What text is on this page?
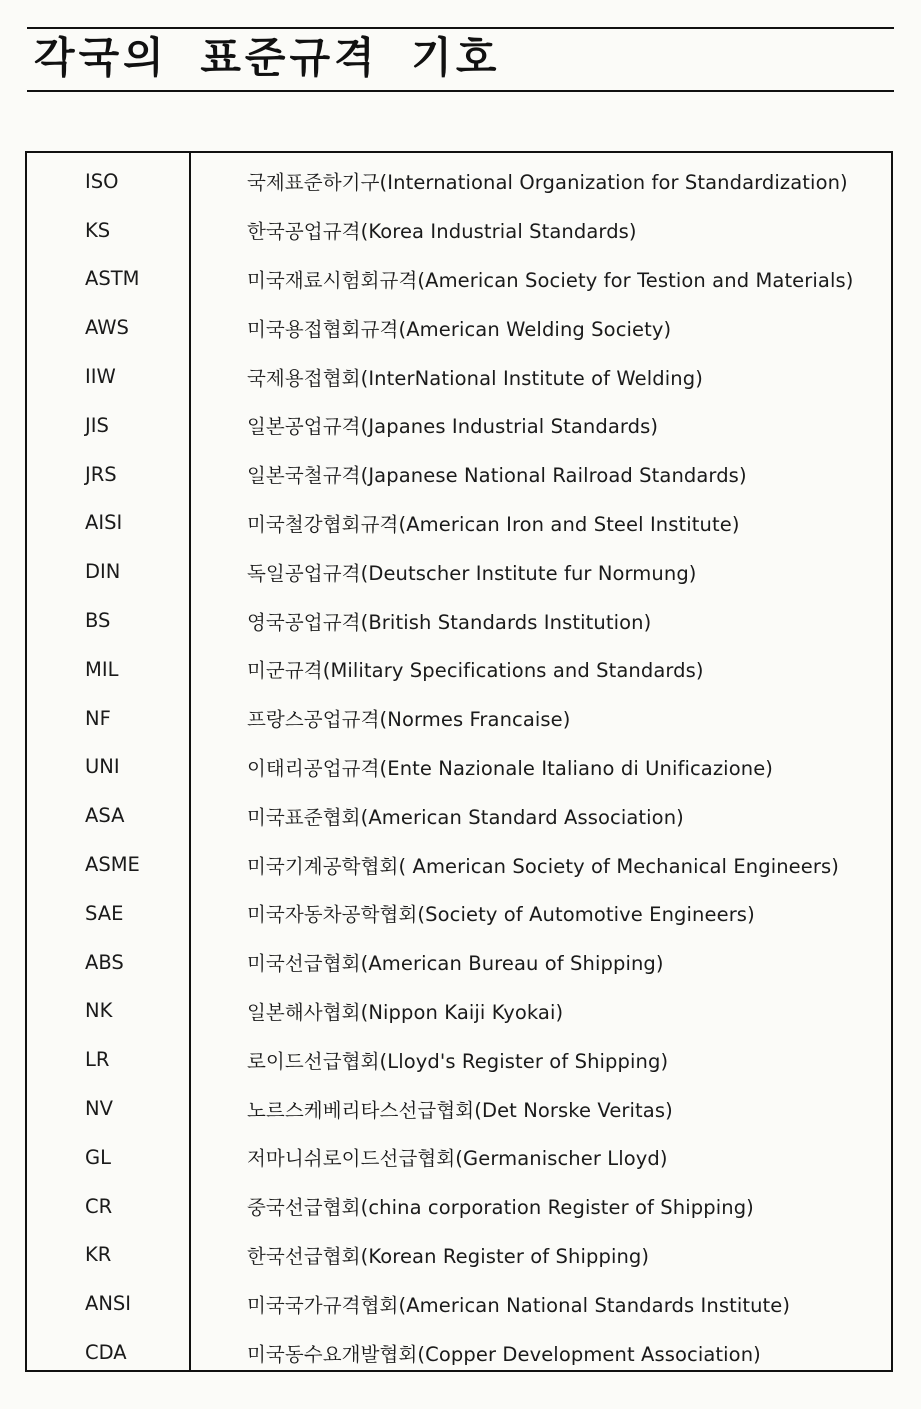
각국의 표준규격 기호
ISO	국제표준하기구(International Organization for Standardization)
KS	한국공업규격(Korea Industrial Standards)
ASTM	미국재료시험회규격(American Society for Testion and Materials)
AWS	미국용접협회규격(American Welding Society)
IIW	국제용접협회(InterNational Institute of Welding)
JIS	일본공업규격(Japanes Industrial Standards)
JRS	일본국철규격(Japanese National Railroad Standards)
AISI	미국철강협회규격(American Iron and Steel Institute)
DIN	독일공업규격(Deutscher Institute fur Normung)
BS	영국공업규격(British Standards Institution)
MIL	미군규격(Military Specifications and Standards)
NF	프랑스공업규격(Normes Francaise)
UNI	이태리공업규격(Ente Nazionale Italiano di Unificazione)
ASA	미국표준협회(American Standard Association)
ASME	미국기계공학협회( American Society of Mechanical Engineers)
SAE	미국자동차공학협회(Society of Automotive Engineers)
ABS	미국선급협회(American Bureau of Shipping)
NK	일본해사협회(Nippon Kaiji Kyokai)
LR	로이드선급협회(Lloyd's Register of Shipping)
NV	노르스케베리타스선급협회(Det Norske Veritas)
GL	저마니쉬로이드선급협회(Germanischer Lloyd)
CR	중국선급협회(china corporation Register of Shipping)
KR	한국선급협회(Korean Register of Shipping)
ANSI	미국국가규격협회(American National Standards Institute)
CDA	미국동수요개발협회(Copper Development Association)
